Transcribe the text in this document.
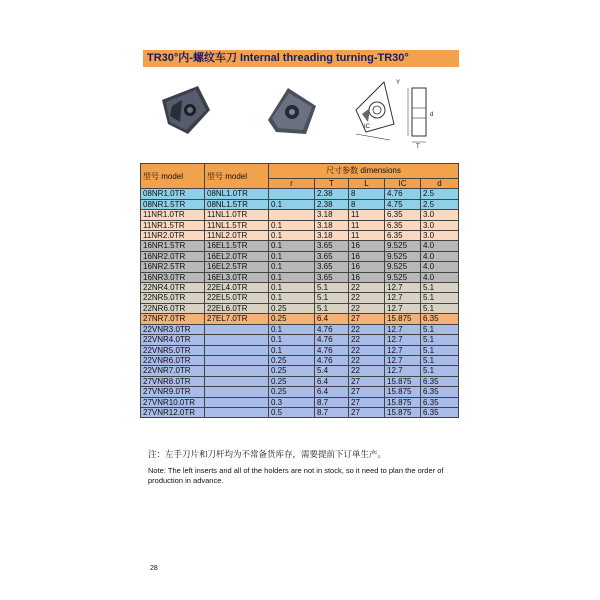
TR30°内-螺纹车刀 Internal threading turning-TR30°
IC
Y
T
d
型号 model	型号 model	尺寸参数 dimensions				
		r	T	L	IC	d
08NR1.0TR	08NL1.0TR		2.38	8	4.76	2.5
08NR1.5TR	08NL1.5TR	0.1	2.38	8	4.75	2.5
11NR1.0TR	11NL1.0TR		3.18	11	6.35	3.0
11NR1.5TR	11NL1.5TR	0.1	3.18	11	6.35	3.0
11NR2.0TR	11NL2.0TR	0.1	3.18	11	6.35	3.0
16NR1.5TR	16EL1.5TR	0.1	3.65	16	9.525	4.0
16NR2.0TR	16EL2.0TR	0.1	3.65	16	9.525	4.0
16NR2.5TR	16EL2.5TR	0.1	3.65	16	9.525	4.0
16NR3.0TR	16EL3.0TR	0.1	3.65	16	9.525	4.0
22NR4.0TR	22EL4.0TR	0.1	5.1	22	12.7	5.1
22NR5.0TR	22EL5.0TR	0.1	5.1	22	12.7	5.1
22NR6.0TR	22EL6.0TR	0.25	5.1	22	12.7	5.1
27NR7.0TR	27EL7.0TR	0.25	6.4	27	15.875	6.35
22VNR3.0TR		0.1	4.76	22	12.7	5.1
22VNR4.0TR		0.1	4.76	22	12.7	5.1
22VNR5.0TR		0.1	4.76	22	12.7	5.1
22VNR6.0TR		0.25	4.76	22	12.7	5.1
22VNR7.0TR		0.25	5.4	22	12.7	5.1
27VNR8.0TR		0.25	6.4	27	15.875	6.35
27VNR9.0TR		0.25	6.4	27	15.875	6.35
27VNR10.0TR		0.3	8.7	27	15.875	6.35
27VNR12.0TR		0.5	8.7	27	15.875	6.35
注：左手刀片和刀杆均为不常备货库存，需要提前下订单生产。
Note: The left inserts and all of the holders are not in stock, so it need to plan the order of production in advance.
28
